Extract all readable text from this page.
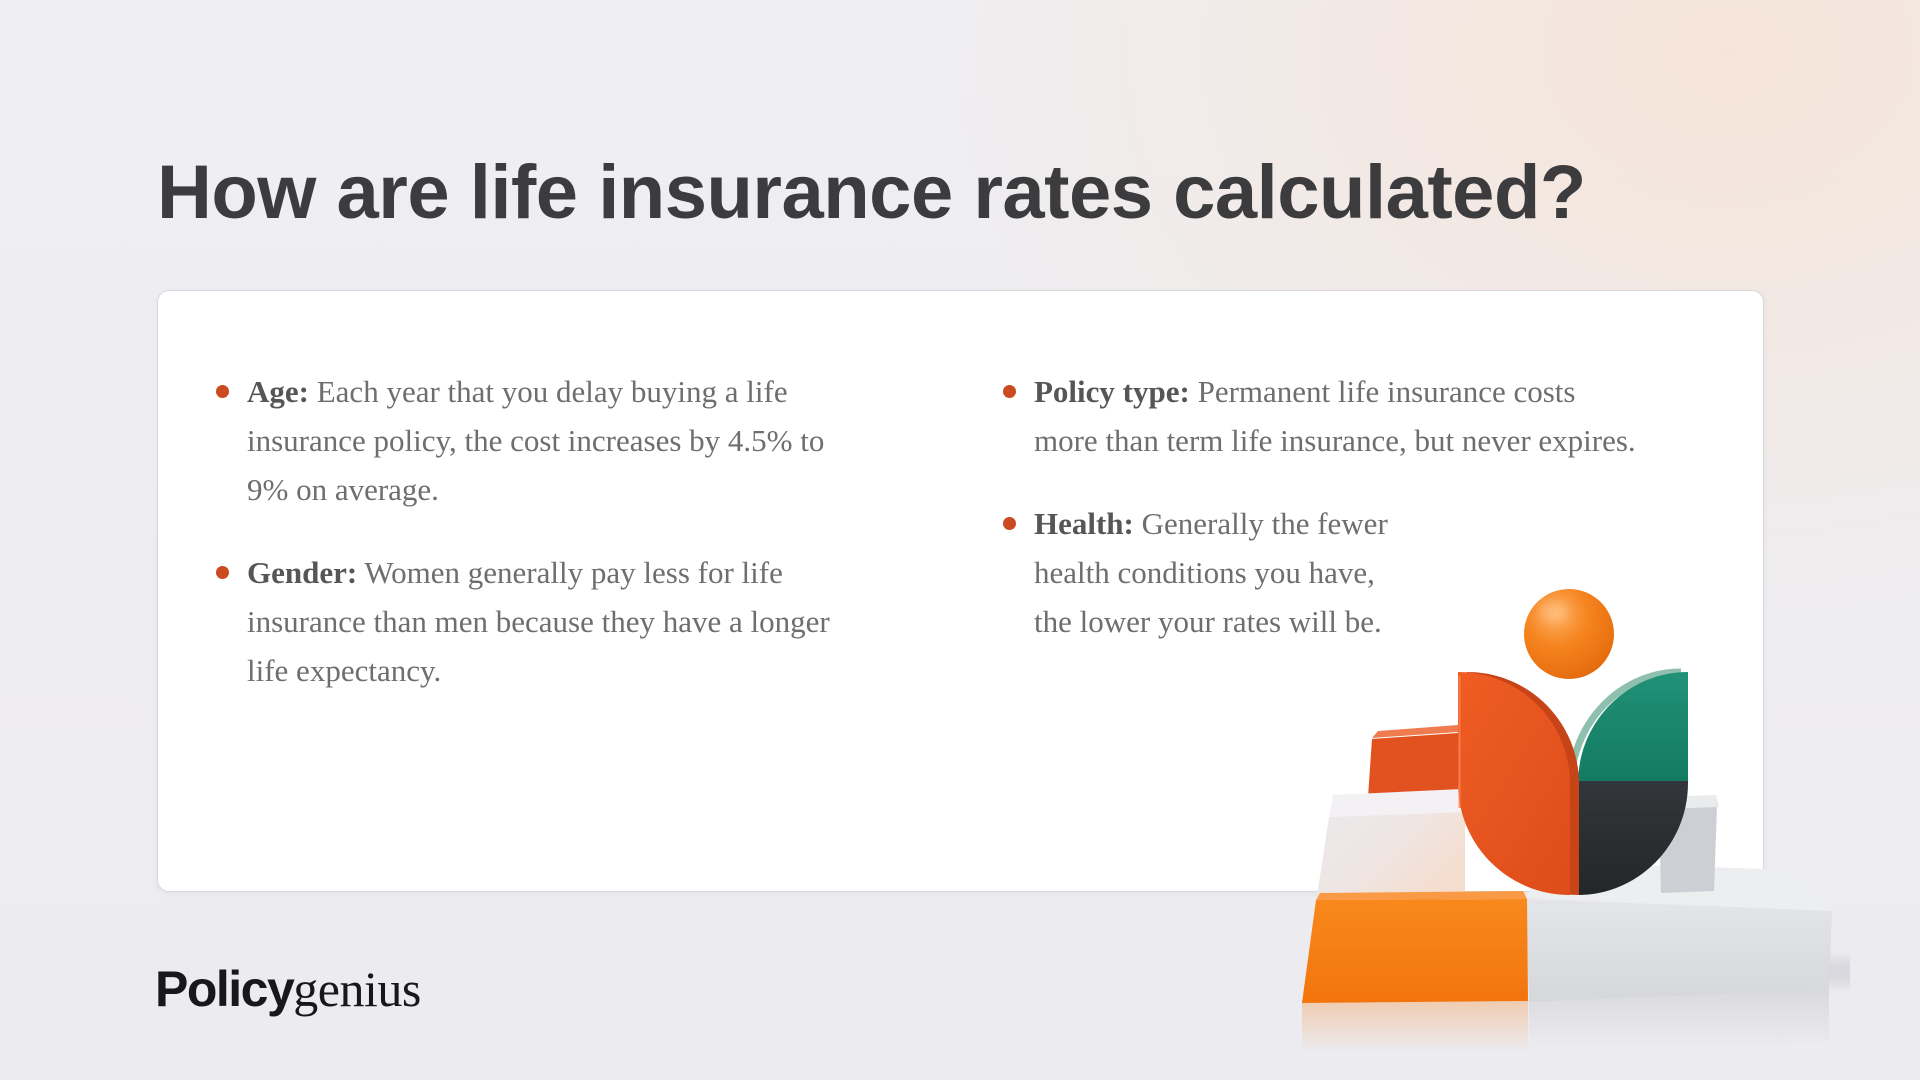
How are life insurance rates calculated?

Age: Each year that you delay buying a life insurance policy, the cost increases by 4.5% to 9% on average.

Gender: Women generally pay less for life insurance than men because they have a longer life expectancy.

Policy type: Permanent life insurance costs more than term life insurance, but never expires.

Health: Generally the fewer health conditions you have, the lower your rates will be.

Policygenius
